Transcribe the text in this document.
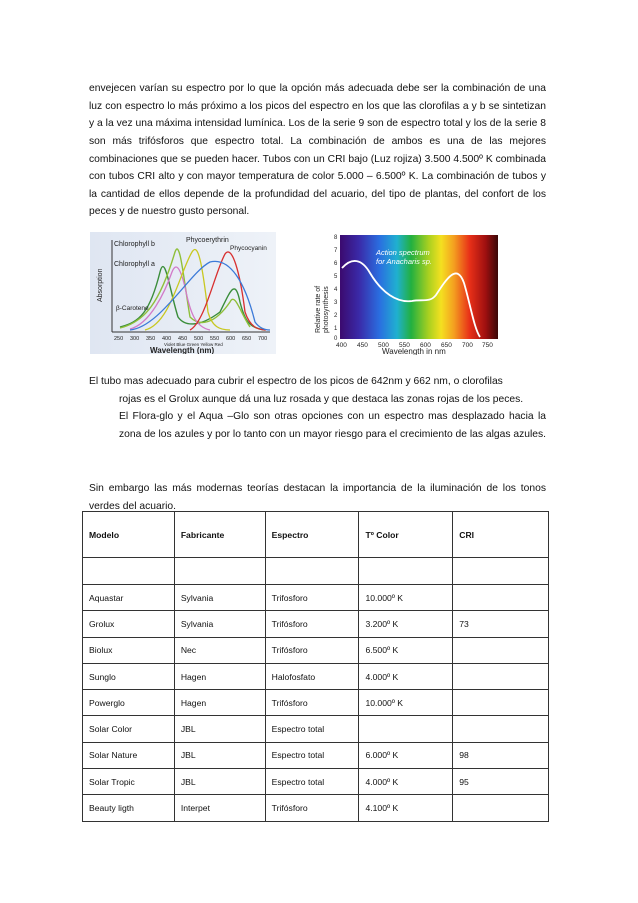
envejecen varían su espectro por lo que la opción más adecuada debe ser la combinación de una luz con espectro lo más próximo a los picos del espectro en los que las clorofilas a y b se sintetizan y a la vez una máxima intensidad lumínica. Los de la serie 9 son de espectro total y los de la serie 8 son más trifósforos que espectro total. La combinación de ambos es una de las mejores combinaciones que se pueden hacer. Tubos con un CRI bajo (Luz rojiza) 3.500 4.500º K combinada con tubos CRI alto y con mayor temperatura de color 5.000 – 6.500º K. La combinación de tubos y la cantidad de ellos depende de la profundidad del acuario, del tipo de plantas, del confort de los peces y de nuestro gusto personal.

Chlorophyll b
Phycoerythrin
Phycocyanin
Chlorophyll a
β-Carotene
Absorption
250 300 350 400 450 500 550 600 650 700
Violet Blue Green Yellow Red
Wavelength (nm)
Action spectrum
for Anacharis sp.
8
7
6
5
4
3
2
1
0
Relative rate of photosynthesis
400 450 500 550 600 650 700 750
Wavelength in nm
El tubo mas adecuado para cubrir el espectro de los picos de 642nm y 662 nm, o clorofilas
rojas es el Grolux aunque dá una luz rosada y que destaca las zonas rojas de los peces.
El Flora-glo y el Aqua –Glo son otras opciones con un espectro mas desplazado hacia la zona de los azules y por lo tanto con un mayor riesgo para el crecimiento de las algas azules.

Sin embargo las más modernas teorías destacan la importancia de la iluminación de los tonos verdes del acuario.

Modelo	Fabricante	Espectro	Tº Color	CRI

Aquastar	Sylvania	Trifosforo	10.000º K	
Grolux	Sylvania	Trifósforo	3.200º K	73
Biolux	Nec	Trifósforo	6.500º K	
Sunglo	Hagen	Halofosfato	4.000º K	
Powerglo	Hagen	Trifósforo	10.000º K	
Solar Color	JBL	Espectro total		
Solar Nature	JBL	Espectro total	6.000º K	98
Solar Tropic	JBL	Espectro total	4.000º K	95
Beauty ligth	Interpet	Trifósforo	4.100º K	
